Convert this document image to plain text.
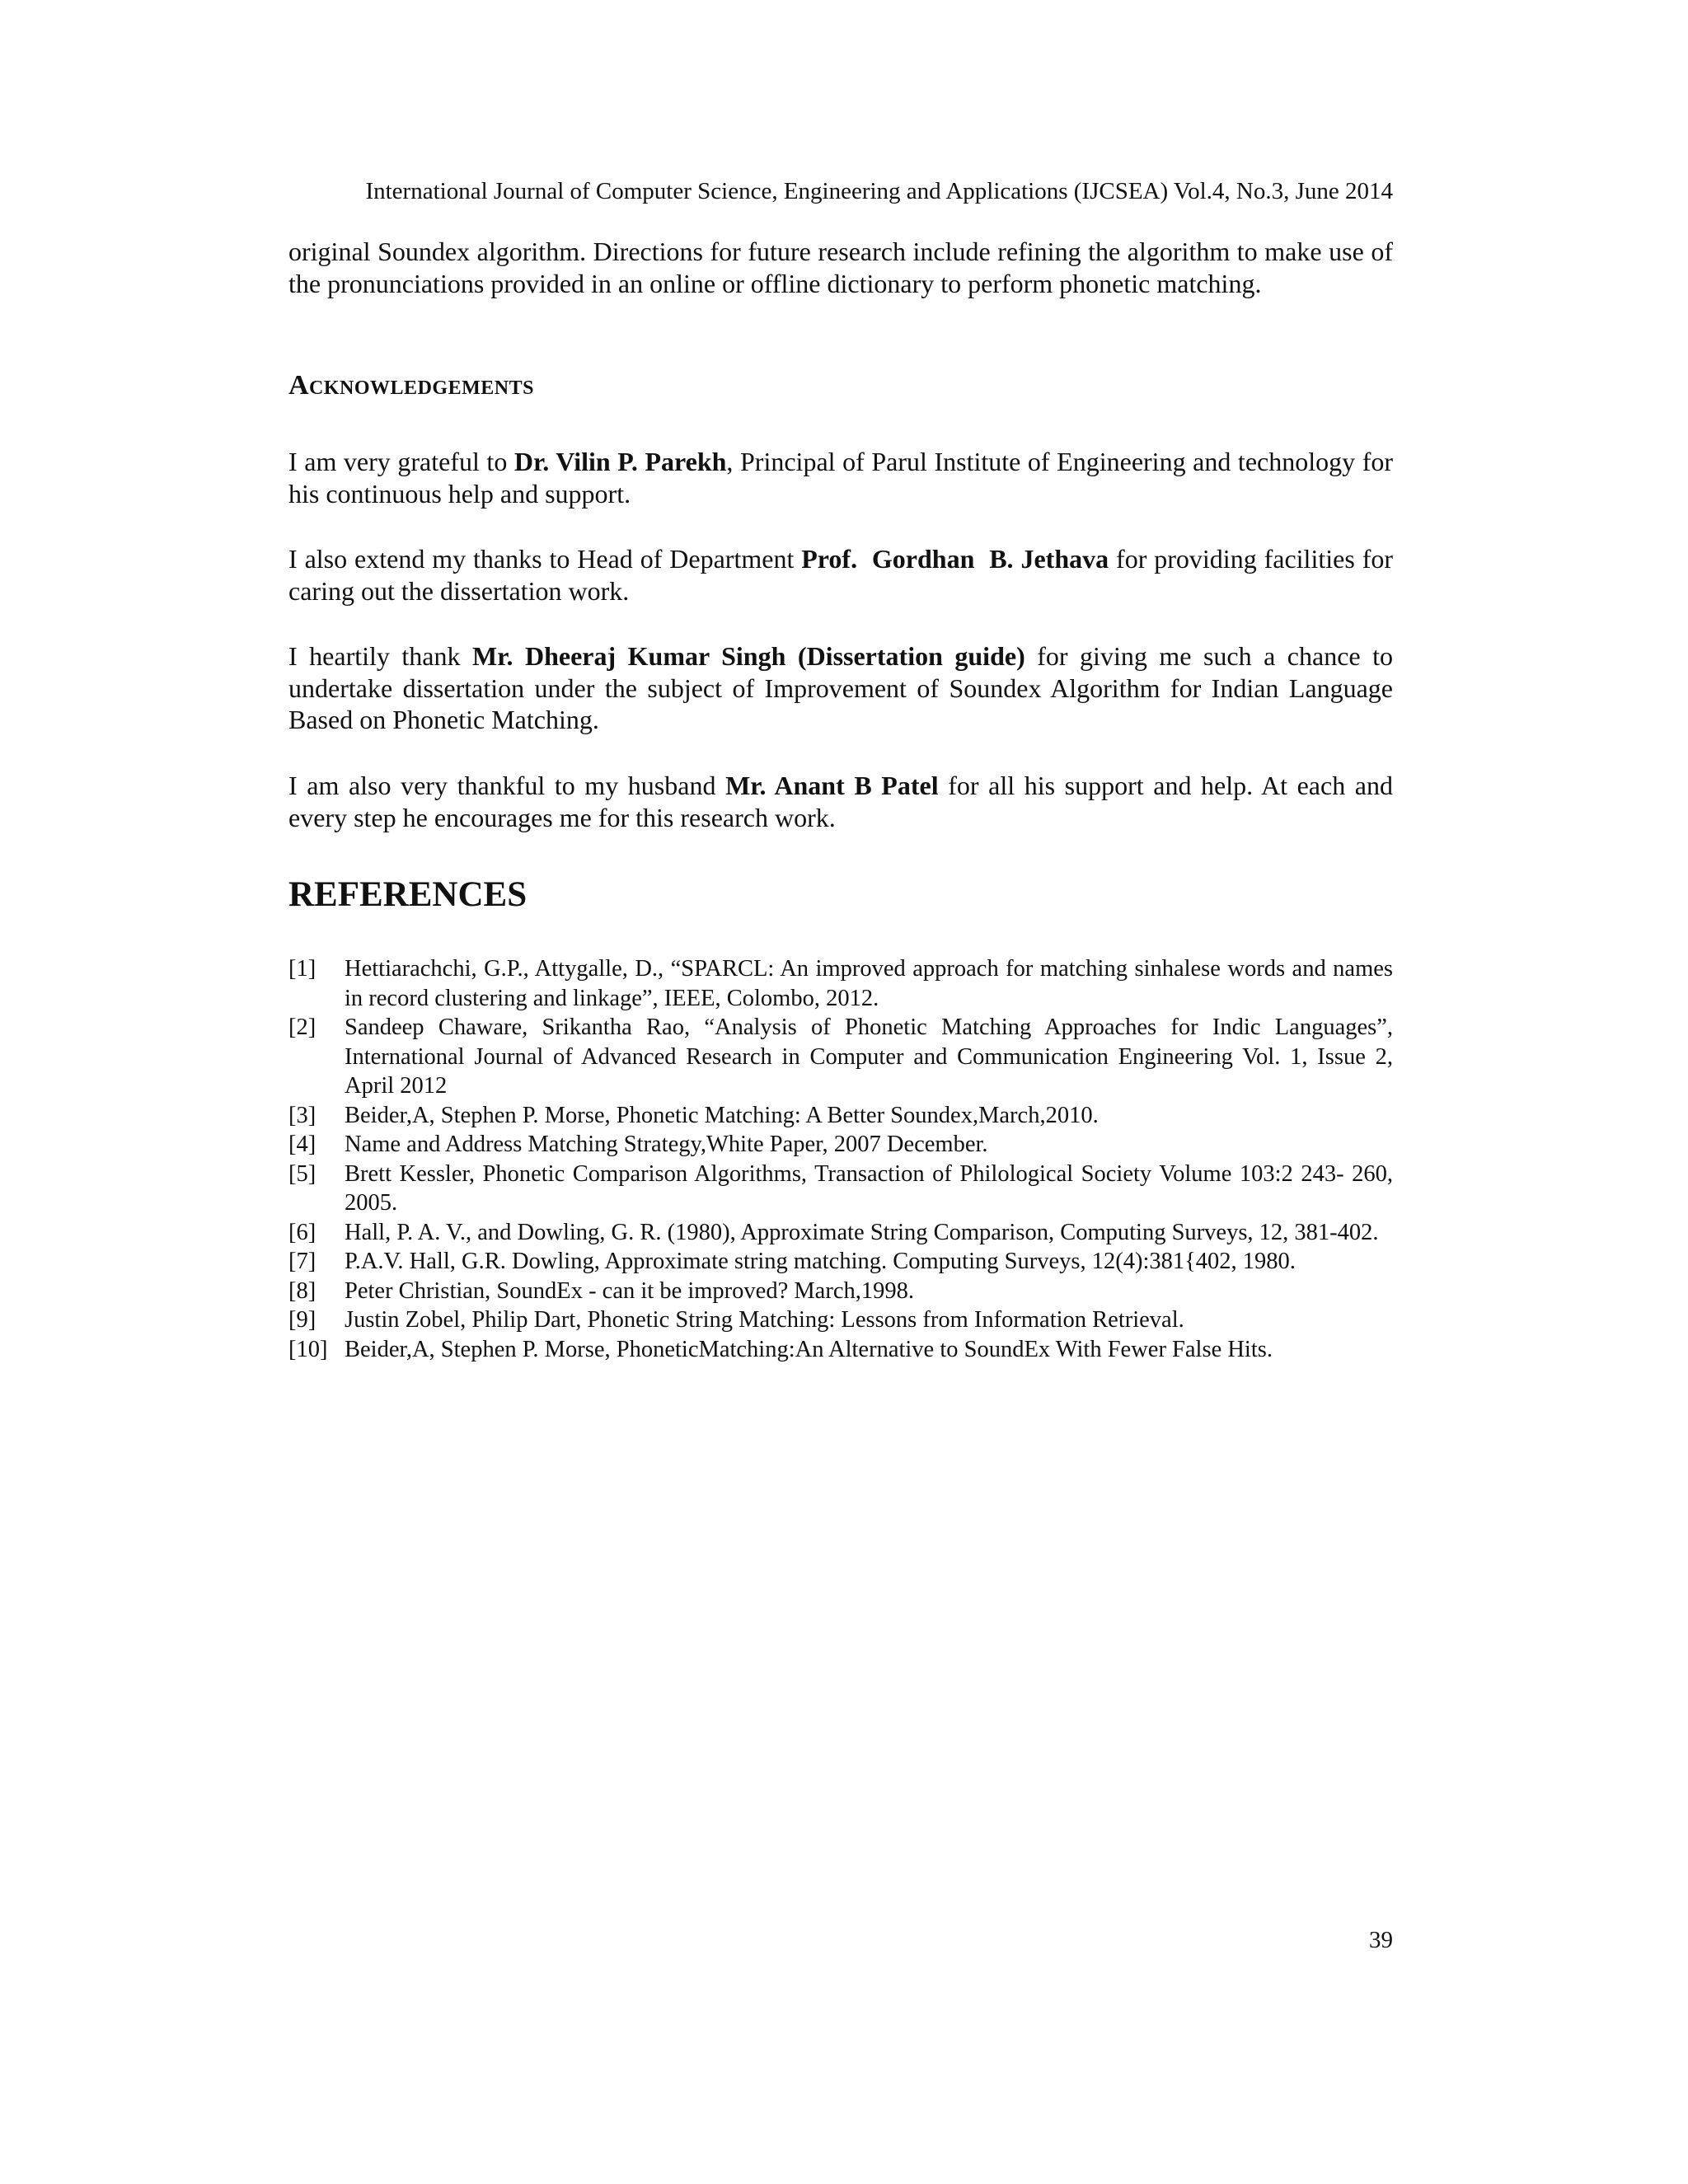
International Journal of Computer Science, Engineering and Applications (IJCSEA) Vol.4, No.3, June 2014
original Soundex algorithm. Directions for future research include refining the algorithm to make use of the pronunciations provided in an online or offline dictionary to perform phonetic matching.
Acknowledgements
I am very grateful to Dr. Vilin P. Parekh, Principal of Parul Institute of Engineering and technology for his continuous help and support.
I also extend my thanks to Head of Department Prof.  Gordhan  B. Jethava for providing facilities for caring out the dissertation work.
I heartily thank Mr. Dheeraj Kumar Singh (Dissertation guide) for giving me such a chance to undertake dissertation under the subject of Improvement of Soundex Algorithm for Indian Language Based on Phonetic Matching.
I am also very thankful to my husband Mr. Anant B Patel for all his support and help. At each and every step he encourages me for this research work.
REFERENCES
[1] Hettiarachchi, G.P., Attygalle, D., “SPARCL: An improved approach for matching sinhalese words and names in record clustering and linkage”, IEEE, Colombo, 2012.
[2] Sandeep Chaware, Srikantha Rao, “Analysis of Phonetic Matching Approaches for Indic Languages”, International Journal of Advanced Research in Computer and Communication Engineering Vol. 1, Issue 2, April 2012
[3] Beider,A, Stephen P. Morse, Phonetic Matching: A Better Soundex,March,2010.
[4] Name and Address Matching Strategy,White Paper, 2007 December.
[5] Brett Kessler, Phonetic Comparison Algorithms, Transaction of Philological Society Volume 103:2 243- 260, 2005.
[6] Hall, P. A. V., and Dowling, G. R. (1980), Approximate String Comparison, Computing Surveys, 12, 381-402.
[7] P.A.V. Hall, G.R. Dowling, Approximate string matching. Computing Surveys, 12(4):381{402, 1980.
[8] Peter Christian, SoundEx - can it be improved? March,1998.
[9] Justin Zobel, Philip Dart, Phonetic String Matching: Lessons from Information Retrieval.
[10] Beider,A, Stephen P. Morse, PhoneticMatching:An Alternative to SoundEx With Fewer False Hits.
39
